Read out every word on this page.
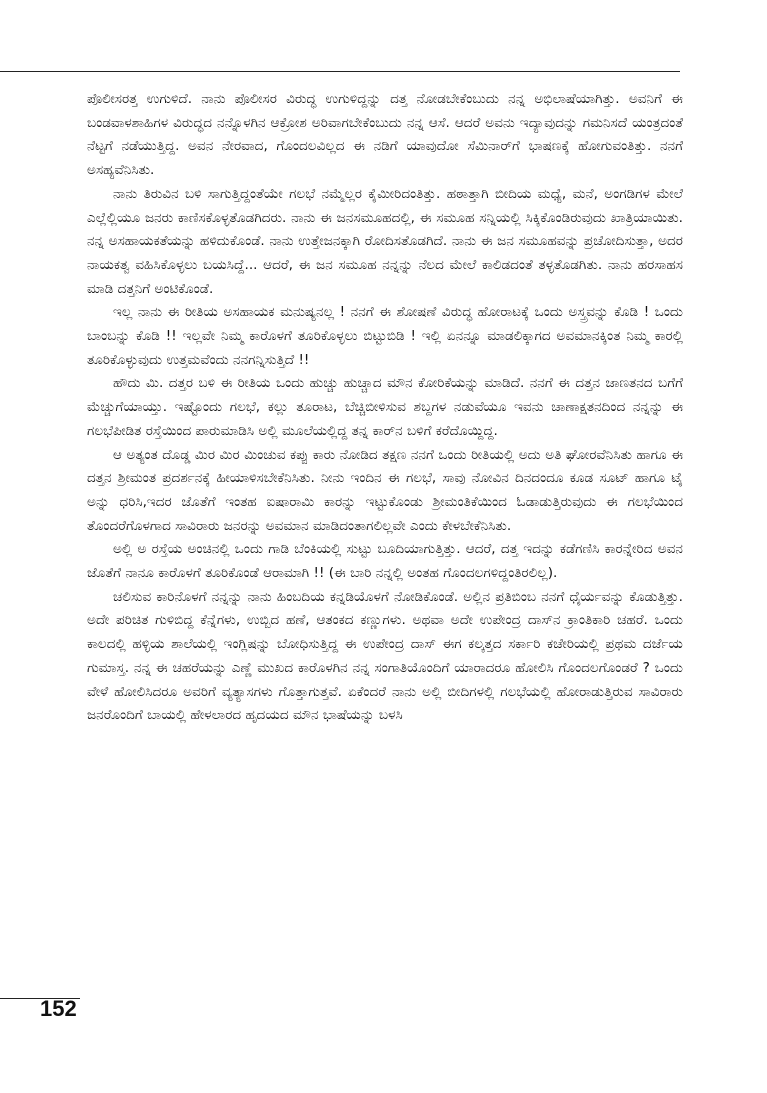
ಪೊಲೀಸರತ್ತ ಉಗುಳಿದೆ. ನಾನು ಪೊಲೀಸರ ವಿರುದ್ಧ ಉಗುಳಿದ್ದನ್ನು ದತ್ತ ನೋಡಬೇಕೆಂಬುದು ನನ್ನ ಅಭಿಲಾಷೆಯಾಗಿತ್ತು. ಅವನಿಗೆ ಈ ಬಂಡವಾಳಶಾಹಿಗಳ ವಿರುದ್ಧದ ನನ್ನೊಳಗಿನ ಆಕ್ರೋಶ ಅರಿವಾಗಬೇಕೆಂಬುದು ನನ್ನ ಆಸೆ. ಆದರೆ ಅವನು ಇದ್ಯಾವುದನ್ನು ಗಮನಿಸದೆ ಯಂತ್ರದಂತೆ ನೆಟ್ಟಗೆ ನಡೆಯುತ್ತಿದ್ದ. ಅವನ ನೇರವಾದ, ಗೊಂದಲವಿಲ್ಲದ ಈ ನಡಿಗೆ ಯಾವುದೋ ಸೆಮಿನಾರ್‌ಗೆ ಭಾಷಣಕ್ಕೆ ಹೋಗುವಂತಿತ್ತು. ನನಗೆ ಅಸಹ್ಯವೆನಿಸಿತು.

ನಾನು ತಿರುವಿನ ಬಳಿ ಸಾಗುತ್ತಿದ್ದಂತೆಯೇ ಗಲಭೆ ನಮ್ಮೆಲ್ಲರ ಕೈಮೀರಿದಂತಿತ್ತು. ಹಠಾತ್ತಾಗಿ ಬೀದಿಯ ಮಧ್ಯೆ, ಮನೆ, ಅಂಗಡಿಗಳ ಮೇಲೆ ಎಲ್ಲೆಲ್ಲಿಯೂ ಜನರು ಕಾಣಿಸಕೊಳ್ಳತೊಡಗಿದರು. ನಾನು ಈ ಜನಸಮೂಹದಲ್ಲಿ, ಈ ಸಮೂಹ ಸನ್ನಿಯಲ್ಲಿ ಸಿಕ್ಕಿಕೊಂಡಿರುವುದು ಖಾತ್ರಿಯಾಯಿತು. ನನ್ನ ಅಸಹಾಯಕತೆಯನ್ನು ಹಳಿದುಕೊಂಡೆ. ನಾನು ಉತ್ತೇಜನಕ್ಕಾಗಿ ರೋದಿಸತೊಡಗಿದೆ. ನಾನು ಈ ಜನ ಸಮೂಹವನ್ನು ಪ್ರಚೋದಿಸುತ್ತಾ, ಅದರ ನಾಯಕತ್ವ ವಹಿಸಿಕೊಳ್ಳಲು ಬಯಸಿದ್ದೆ... ಆದರೆ, ಈ ಜನ ಸಮೂಹ ನನ್ನನ್ನು ನೆಲದ ಮೇಲೆ ಕಾಲಿಡದಂತೆ ತಳ್ಳತೊಡಗಿತು. ನಾನು ಹರಸಾಹಸ ಮಾಡಿ ದತ್ತನಿಗೆ ಅಂಟಿಕೊಂಡೆ.

ಇಲ್ಲ ನಾನು ಈ ರೀತಿಯ ಅಸಹಾಯಕ ಮನುಷ್ಯನಲ್ಲ ! ನನಗೆ ಈ ಶೋಷಣೆ ವಿರುದ್ಧ ಹೋರಾಟಕ್ಕೆ ಒಂದು ಅಸ್ತ್ರವನ್ನು ಕೊಡಿ ! ಒಂದು ಬಾಂಬನ್ನು ಕೊಡಿ !! ಇಲ್ಲವೇ ನಿಮ್ಮ ಕಾರೊಳಗೆ ತೂರಿಕೊಳ್ಳಲು ಬಿಟ್ಟುಬಿಡಿ ! ಇಲ್ಲಿ ಏನನ್ನೂ ಮಾಡಲಿಕ್ಕಾಗದ ಅವಮಾನಕ್ಕಿಂತ ನಿಮ್ಮ ಕಾರಲ್ಲಿ ತೂರಿಕೊಳ್ಳುವುದು ಉತ್ತಮವೆಂದು ನನಗನ್ನಿಸುತ್ತಿದೆ !!

ಹೌದು ಮಿ. ದತ್ತರ ಬಳಿ ಈ ರೀತಿಯ ಒಂದು ಹುಚ್ಚು ಹುಚ್ಚಾದ ಮೌನ ಕೋರಿಕೆಯನ್ನು ಮಾಡಿದೆ. ನನಗೆ ಈ ದತ್ತನ ಜಾಣತನದ ಬಗೆಗೆ ಮೆಚ್ಚುಗೆಯಾಯ್ತು. ಇಷ್ಟೊಂದು ಗಲಭೆ, ಕಲ್ಲು ತೂರಾಟ, ಬೆಚ್ಚಿಬೀಳಿಸುವ ಶಬ್ದಗಳ ನಡುವೆಯೂ ಇವನು ಚಾಣಾಕ್ಷತನದಿಂದ ನನ್ನನ್ನು ಈ ಗಲಭೆಪೀಡಿತ ರಸ್ತೆಯಿಂದ ಪಾರುಮಾಡಿಸಿ ಅಲ್ಲಿ ಮೂಲೆಯಲ್ಲಿದ್ದ ತನ್ನ ಕಾರ್‌ನ ಬಳಿಗೆ ಕರೆದೊಯ್ದಿದ್ದ.

ಆ ಅತ್ಯಂತ ದೊಡ್ಡ ಮಿರ ಮಿರ ಮಿಂಚುವ ಕಪ್ಪು ಕಾರು ನೋಡಿದ ತಕ್ಷಣ ನನಗೆ ಒಂದು ರೀತಿಯಲ್ಲಿ ಅದು ಅತಿ ಘೋರವೆನಿಸಿತು ಹಾಗೂ ಈ ದತ್ತನ ಶ್ರೀಮಂತ ಪ್ರದರ್ಶನಕ್ಕೆ ಹೀಯಾಳಿಸಬೇಕೆನಿಸಿತು. ನೀನು ಇಂದಿನ ಈ ಗಲಭೆ, ಸಾವು ನೋವಿನ ದಿನದಂದೂ ಕೂಡ ಸೂಟ್ ಹಾಗೂ ಟೈ ಅನ್ನು ಧರಿಸಿ,ಇದರ ಜೊತೆಗೆ ಇಂತಹ ಐಷಾರಾಮಿ ಕಾರನ್ನು ಇಟ್ಟುಕೊಂಡು ಶ್ರೀಮಂತಿಕೆಯಿಂದ ಓಡಾಡುತ್ತಿರುವುದು ಈ ಗಲಭೆಯಿಂದ ತೊಂದರೆಗೊಳಗಾದ ಸಾವಿರಾರು ಜನರನ್ನು ಅವಮಾನ ಮಾಡಿದಂತಾಗಲಿಲ್ಲವೇ ಎಂದು ಕೇಳಬೇಕೆನಿಸಿತು.

ಅಲ್ಲಿ ಅ ರಸ್ತೆಯ ಅಂಚಿನಲ್ಲಿ ಒಂದು ಗಾಡಿ ಬೆಂಕಿಯಲ್ಲಿ ಸುಟ್ಟು ಬೂದಿಯಾಗುತ್ತಿತ್ತು. ಆದರೆ, ದತ್ತ ಇದನ್ನು ಕಡೆಗಣಿಸಿ ಕಾರನ್ನೇರಿದ ಅವನ ಜೊತೆಗೆ ನಾನೂ ಕಾರೊಳಗೆ ತೂರಿಕೊಂಡೆ ಆರಾಮಾಗಿ !! (ಈ ಬಾರಿ ನನ್ನಲ್ಲಿ ಅಂತಹ ಗೊಂದಲಗಳಿದ್ದಂತಿರಲಿಲ್ಲ).

ಚಲಿಸುವ ಕಾರಿನೊಳಗೆ ನನ್ನನ್ನು ನಾನು ಹಿಂಬದಿಯ ಕನ್ನಡಿಯೊಳಗೆ ನೋಡಿಕೊಂಡೆ. ಅಲ್ಲಿನ ಪ್ರತಿಬಿಂಬ ನನಗೆ ಧೈರ್ಯವನ್ನು ಕೊಡುತ್ತಿತ್ತು. ಅದೇ ಪರಿಚಿತ ಗುಳಿಬಿದ್ದ ಕೆನ್ನೆಗಳು, ಉಬ್ಬಿದ ಹಣೆ, ಆತಂಕದ ಕಣ್ಣುಗಳು. ಅಥವಾ ಅದೇ ಉಪೇಂದ್ರ ದಾಸ್‌ನ ಕ್ರಾಂತಿಕಾರಿ ಚಹರೆ. ಒಂದು ಕಾಲದಲ್ಲಿ ಹಳ್ಳಿಯ ಶಾಲೆಯಲ್ಲಿ ಇಂಗ್ಲಿಷನ್ನು ಬೋಧಿಸುತ್ತಿದ್ದ ಈ ಉಪೇಂದ್ರ ದಾಸ್ ಈಗ ಕಲ್ಕತ್ತದ ಸರ್ಕಾರಿ ಕಚೇರಿಯಲ್ಲಿ ಪ್ರಥಮ ದರ್ಜೆಯ ಗುಮಾಸ್ತ. ನನ್ನ ಈ ಚಹರೆಯನ್ನು ಎಣ್ಣೆ ಮುಖದ ಕಾರೊಳಗಿನ ನನ್ನ ಸಂಗಾತಿಯೊಂದಿಗೆ ಯಾರಾದರೂ ಹೋಲಿಸಿ ಗೊಂದಲಗೊಂಡರೆ ? ಒಂದು ವೇಳೆ ಹೋಲಿಸಿದರೂ ಅವರಿಗೆ ವ್ಯತ್ಯಾಸಗಳು ಗೊತ್ತಾಗುತ್ತವೆ. ಏಕೆಂದರೆ ನಾನು ಅಲ್ಲಿ ಬೀದಿಗಳಲ್ಲಿ ಗಲಭೆಯಲ್ಲಿ ಹೋರಾಡುತ್ತಿರುವ ಸಾವಿರಾರು ಜನರೊಂದಿಗೆ ಬಾಯಲ್ಲಿ ಹೇಳಲಾರದ ಹೃದಯದ ಮೌನ ಭಾಷೆಯನ್ನು ಬಳಸಿ

152
